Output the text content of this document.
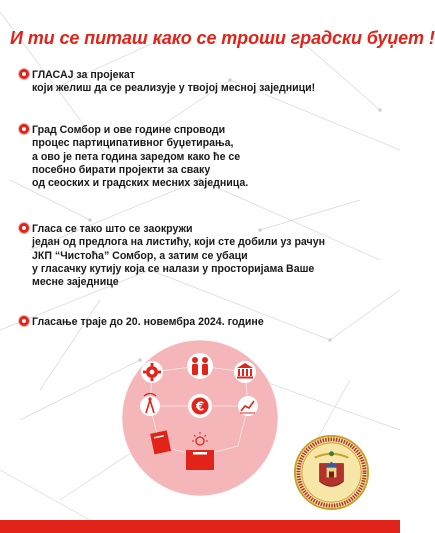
И ти се питаш како се троши градски буџет !

ГЛАСАЈ за пројекат

који желиш да се реализује у твојој месној заједници!

Град Сомбор и ове године спроводи

процес партиципативног буџетирања,

а ово је пета година заредом како ће се

посебно бирати пројекти за сваку

од сеоских и градских месних заједница.

Гласа се тако што се заокружи

један од предлога на листићу, који сте добили уз рачун

ЈКП “Чистоћа” Сомбор, а затим се убаци

у гласачку кутију која се налази у просторијама Ваше

месне заједнице

Гласање траје до 20. новембра 2024. године

€
